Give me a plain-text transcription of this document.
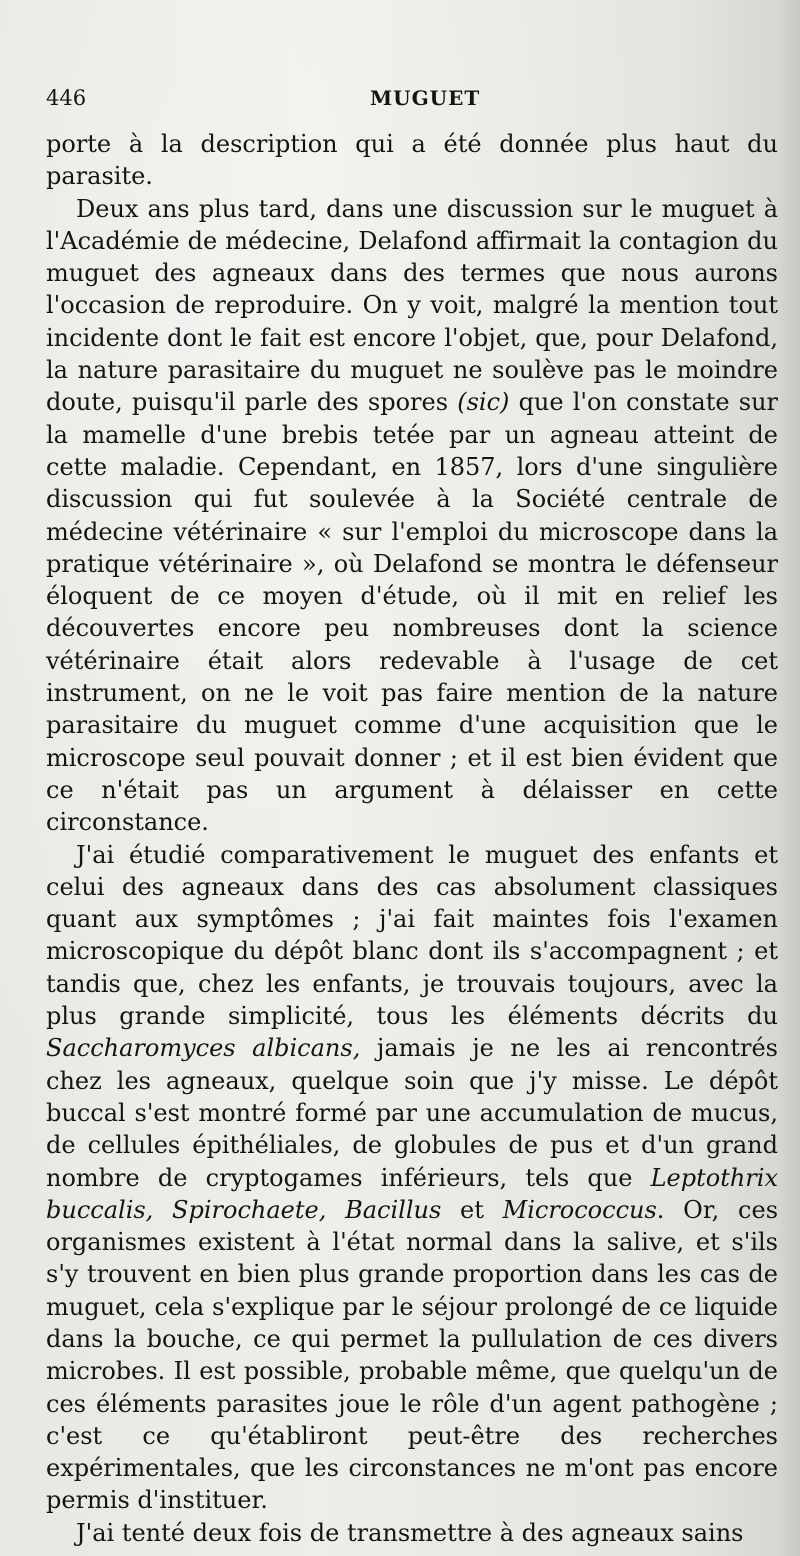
446	MUGUET

porte à la description qui a été donnée plus haut du parasite.

Deux ans plus tard, dans une discussion sur le muguet à l'Académie de médecine, Delafond affirmait la contagion du muguet des agneaux dans des termes que nous aurons l'occasion de reproduire. On y voit, malgré la mention tout incidente dont le fait est encore l'objet, que, pour Delafond, la nature parasitaire du muguet ne soulève pas le moindre doute, puisqu'il parle des spores (sic) que l'on constate sur la mamelle d'une brebis tetée par un agneau atteint de cette maladie. Cependant, en 1857, lors d'une singulière discussion qui fut soulevée à la Société centrale de médecine vétérinaire « sur l'emploi du microscope dans la pratique vétérinaire », où Delafond se montra le défenseur éloquent de ce moyen d'étude, où il mit en relief les découvertes encore peu nombreuses dont la science vétérinaire était alors redevable à l'usage de cet instrument, on ne le voit pas faire mention de la nature parasitaire du muguet comme d'une acquisition que le microscope seul pouvait donner ; et il est bien évident que ce n'était pas un argument à délaisser en cette circonstance.

J'ai étudié comparativement le muguet des enfants et celui des agneaux dans des cas absolument classiques quant aux symptômes ; j'ai fait maintes fois l'examen microscopique du dépôt blanc dont ils s'accompagnent ; et tandis que, chez les enfants, je trouvais toujours, avec la plus grande simplicité, tous les éléments décrits du Saccharomyces albicans, jamais je ne les ai rencontrés chez les agneaux, quelque soin que j'y misse. Le dépôt buccal s'est montré formé par une accumulation de mucus, de cellules épithéliales, de globules de pus et d'un grand nombre de cryptogames inférieurs, tels que Leptothrix buccalis, Spirochaete, Bacillus et Micrococcus. Or, ces organismes existent à l'état normal dans la salive, et s'ils s'y trouvent en bien plus grande proportion dans les cas de muguet, cela s'explique par le séjour prolongé de ce liquide dans la bouche, ce qui permet la pullulation de ces divers microbes. Il est possible, probable même, que quelqu'un de ces éléments parasites joue le rôle d'un agent pathogène ; c'est ce qu'établiront peut-être des recherches expérimentales, que les circonstances ne m'ont pas encore permis d'instituer.

J'ai tenté deux fois de transmettre à des agneaux sains
